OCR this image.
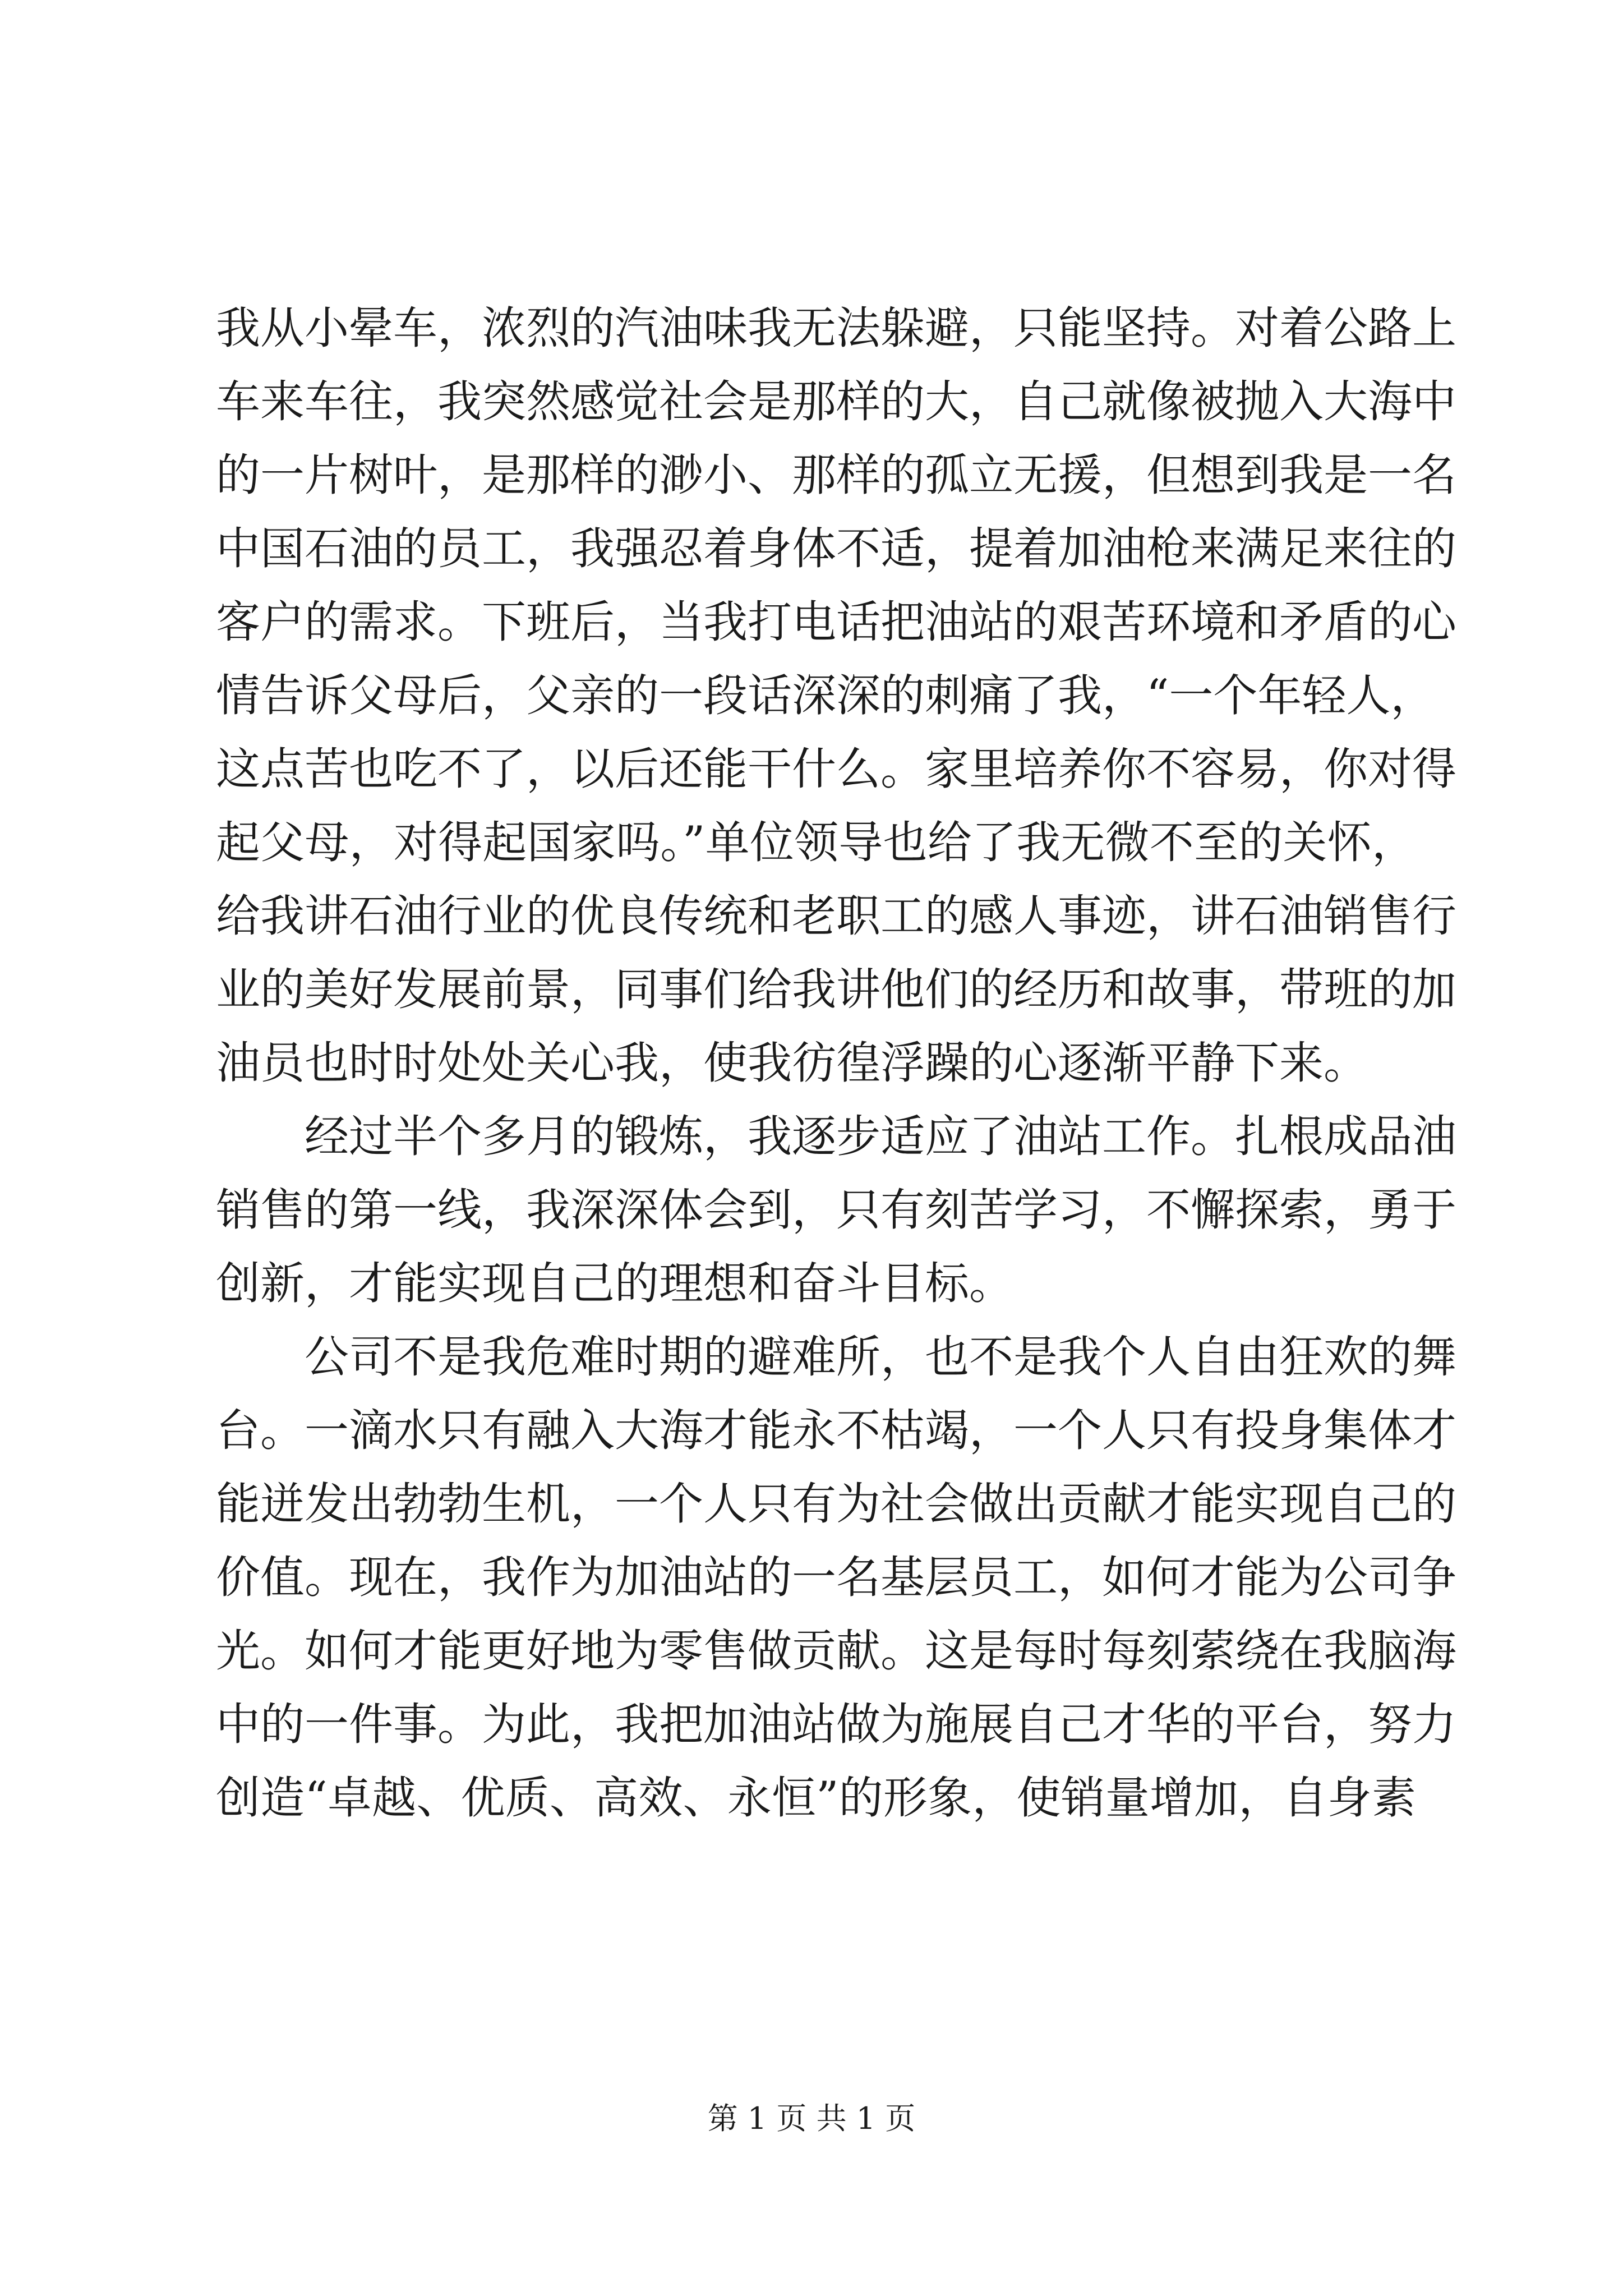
我从小晕车，浓烈的汽油味我无法躲避，只能坚持。对着公路上
车来车往，我突然感觉社会是那样的大，自己就像被抛入大海中
的一片树叶，是那样的渺小、那样的孤立无援，但想到我是一名
中国石油的员工，我强忍着身体不适，提着加油枪来满足来往的
客户的需求。下班后，当我打电话把油站的艰苦环境和矛盾的心
情告诉父母后，父亲的一段话深深的刺痛了我，“一个年轻人，
这点苦也吃不了，以后还能干什么。家里培养你不容易，你对得
起父母，对得起国家吗。”单位领导也给了我无微不至的关怀，
给我讲石油行业的优良传统和老职工的感人事迹，讲石油销售行
业的美好发展前景，同事们给我讲他们的经历和故事，带班的加
油员也时时处处关心我，使我彷徨浮躁的心逐渐平静下来。
经过半个多月的锻炼，我逐步适应了油站工作。扎根成品油
销售的第一线，我深深体会到，只有刻苦学习，不懈探索，勇于
创新，才能实现自己的理想和奋斗目标。
公司不是我危难时期的避难所，也不是我个人自由狂欢的舞
台。一滴水只有融入大海才能永不枯竭，一个人只有投身集体才
能迸发出勃勃生机，一个人只有为社会做出贡献才能实现自己的
价值。现在，我作为加油站的一名基层员工，如何才能为公司争
光。如何才能更好地为零售做贡献。这是每时每刻萦绕在我脑海
中的一件事。为此，我把加油站做为施展自己才华的平台，努力
创造“卓越、优质、高效、永恒”的形象，使销量增加，自身素
第 1 页 共 1 页
